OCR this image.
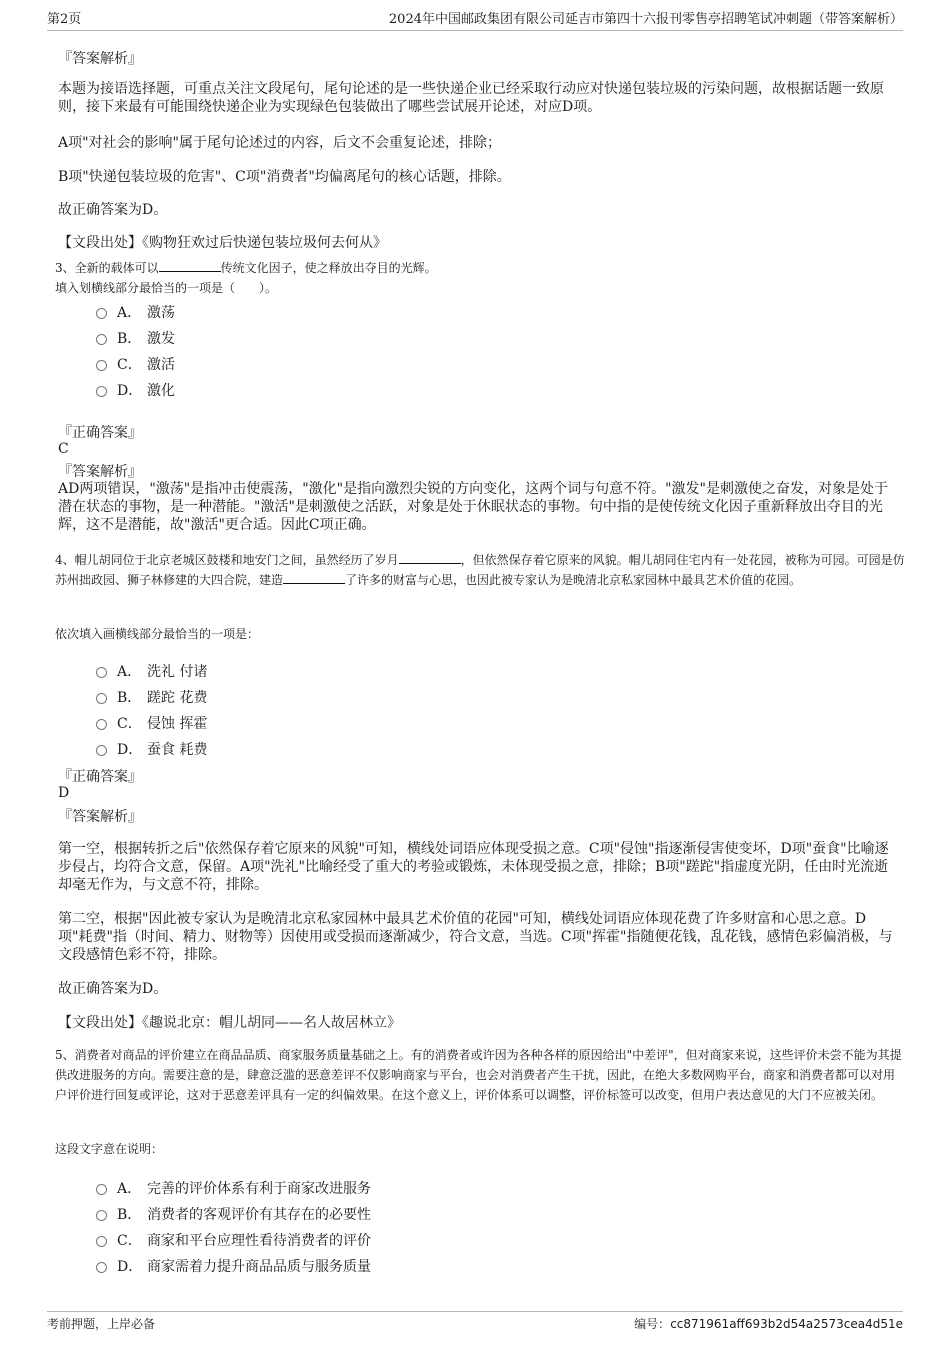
第2页	2024年中国邮政集团有限公司延吉市第四十六报刊零售亭招聘笔试冲刺题（带答案解析）
『答案解析』
本题为接语选择题，可重点关注文段尾句，尾句论述的是一些快递企业已经采取行动应对快递包装垃圾的污染问题，故根据话题一致原则，接下来最有可能围绕快递企业为实现绿色包装做出了哪些尝试展开论述，对应D项。
A项"对社会的影响"属于尾句论述过的内容，后文不会重复论述，排除；
B项"快递包装垃圾的危害"、C项"消费者"均偏离尾句的核心话题，排除。
故正确答案为D。
【文段出处】《购物狂欢过后快递包装垃圾何去何从》
3、全新的载体可以	传统文化因子，使之释放出夺目的光辉。
填入划横线部分最恰当的一项是（　　）。
A． 激荡
B． 激发
C． 激活
D． 激化
『正确答案』
C
『答案解析』
AD两项错误，"激荡"是指冲击使震荡，"激化"是指向激烈尖锐的方向变化，这两个词与句意不符。"激发"是刺激使之奋发，对象是处于潜在状态的事物，是一种潜能。"激活"是刺激使之活跃，对象是处于休眠状态的事物。句中指的是使传统文化因子重新释放出夺目的光辉，这不是潜能，故"激活"更合适。因此C项正确。
4、帽儿胡同位于北京老城区鼓楼和地安门之间，虽然经历了岁月	，但依然保存着它原来的风貌。帽儿胡同住宅内有一处花园，被称为可园。可园是仿苏州拙政园、狮子林修建的大四合院，建造	了许多的财富与心思，也因此被专家认为是晚清北京私家园林中最具艺术价值的花园。
依次填入画横线部分最恰当的一项是：
A． 洗礼 付诸
B． 蹉跎 花费
C． 侵蚀 挥霍
D． 蚕食 耗费
『正确答案』
D
『答案解析』
第一空，根据转折之后"依然保存着它原来的风貌"可知，横线处词语应体现受损之意。C项"侵蚀"指逐渐侵害使变坏，D项"蚕食"比喻逐步侵占，均符合文意，保留。A项"洗礼"比喻经受了重大的考验或锻炼，未体现受损之意，排除；B项"蹉跎"指虚度光阴，任由时光流逝却毫无作为，与文意不符，排除。
第二空，根据"因此被专家认为是晚清北京私家园林中最具艺术价值的花园"可知，横线处词语应体现花费了许多财富和心思之意。D项"耗费"指（时间、精力、财物等）因使用或受损而逐渐减少，符合文意，当选。C项"挥霍"指随便花钱，乱花钱，感情色彩偏消极，与文段感情色彩不符，排除。
故正确答案为D。
【文段出处】《趣说北京：帽儿胡同——名人故居林立》
5、消费者对商品的评价建立在商品品质、商家服务质量基础之上。有的消费者或许因为各种各样的原因给出"中差评"，但对商家来说，这些评价未尝不能为其提供改进服务的方向。需要注意的是，肆意泛滥的恶意差评不仅影响商家与平台，也会对消费者产生干扰，因此，在绝大多数网购平台，商家和消费者都可以对用户评价进行回复或评论，这对于恶意差评具有一定的纠偏效果。在这个意义上，评价体系可以调整，评价标签可以改变，但用户表达意见的大门不应被关闭。
这段文字意在说明：
A． 完善的评价体系有利于商家改进服务
B． 消费者的客观评价有其存在的必要性
C． 商家和平台应理性看待消费者的评价
D． 商家需着力提升商品品质与服务质量
考前押题，上岸必备	编号：cc871961aff693b2d54a2573cea4d51e
